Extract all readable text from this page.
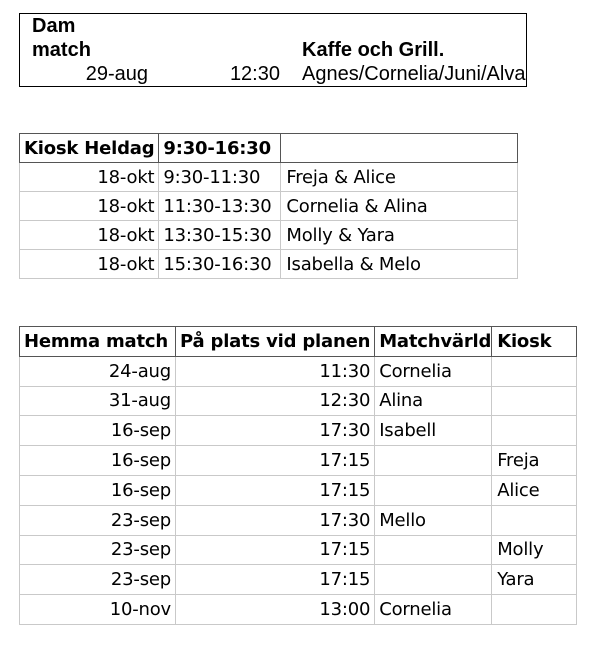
Dam		
match		Kaffe och Grill.
29-aug	12:30	Agnes/Cornelia/Juni/Alva
Kiosk Heldag	9:30-16:30	
18-okt	9:30-11:30	Freja & Alice
18-okt	11:30-13:30	Cornelia & Alina
18-okt	13:30-15:30	Molly & Yara
18-okt	15:30-16:30	Isabella & Melo
Hemma match	På plats vid planen	Matchvärld	Kiosk
24-aug	11:30	Cornelia	
31-aug	12:30	Alina	
16-sep	17:30	Isabell	
16-sep	17:15		Freja
16-sep	17:15		Alice
23-sep	17:30	Mello	
23-sep	17:15		Molly
23-sep	17:15		Yara
10-nov	13:00	Cornelia	
